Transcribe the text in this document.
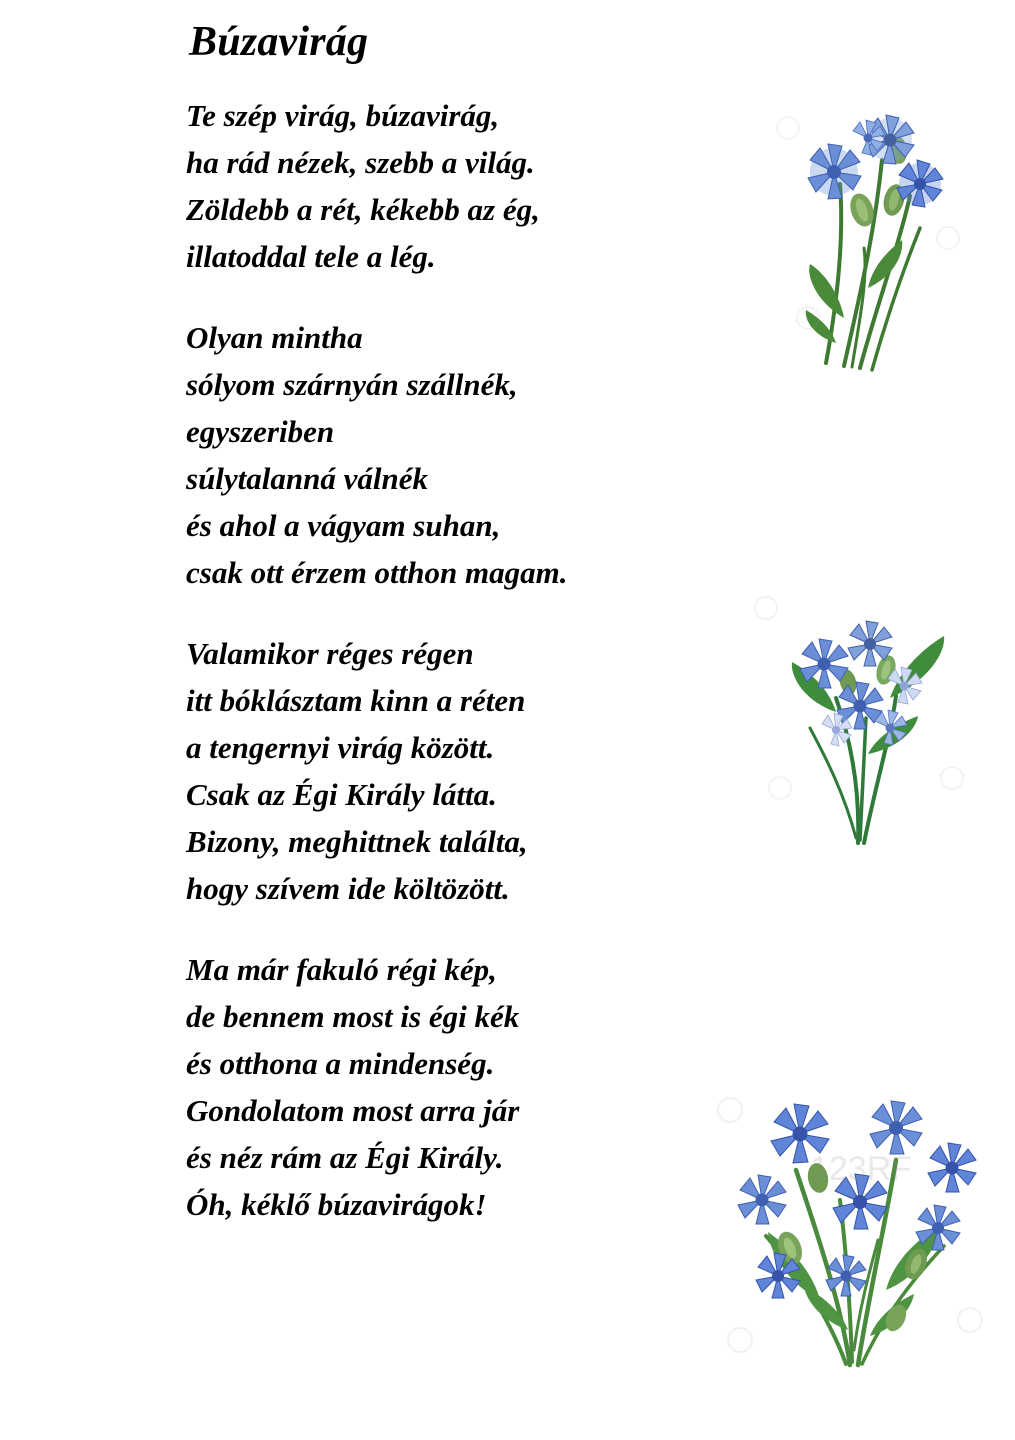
Búzavirág
Te szép virág, búzavirág,
ha rád nézek, szebb a világ.
Zöldebb a rét, kékebb az ég,
illatoddal tele a lég.
Olyan mintha
sólyom szárnyán szállnék,
egyszeriben
súlytalanná válnék
és ahol a vágyam suhan,
csak ott érzem otthon magam.
Valamikor réges régen
itt bóklásztam kinn a réten
a tengernyi virág között.
Csak az Égi Király látta.
Bizony, meghittnek találta,
hogy szívem ide költözött.
Ma már fakuló régi kép,
de bennem most is égi kék
és otthona a mindenség.
Gondolatom most arra jár
és néz rám az Égi Király.
Óh, kéklő búzavirágok!
123RF
